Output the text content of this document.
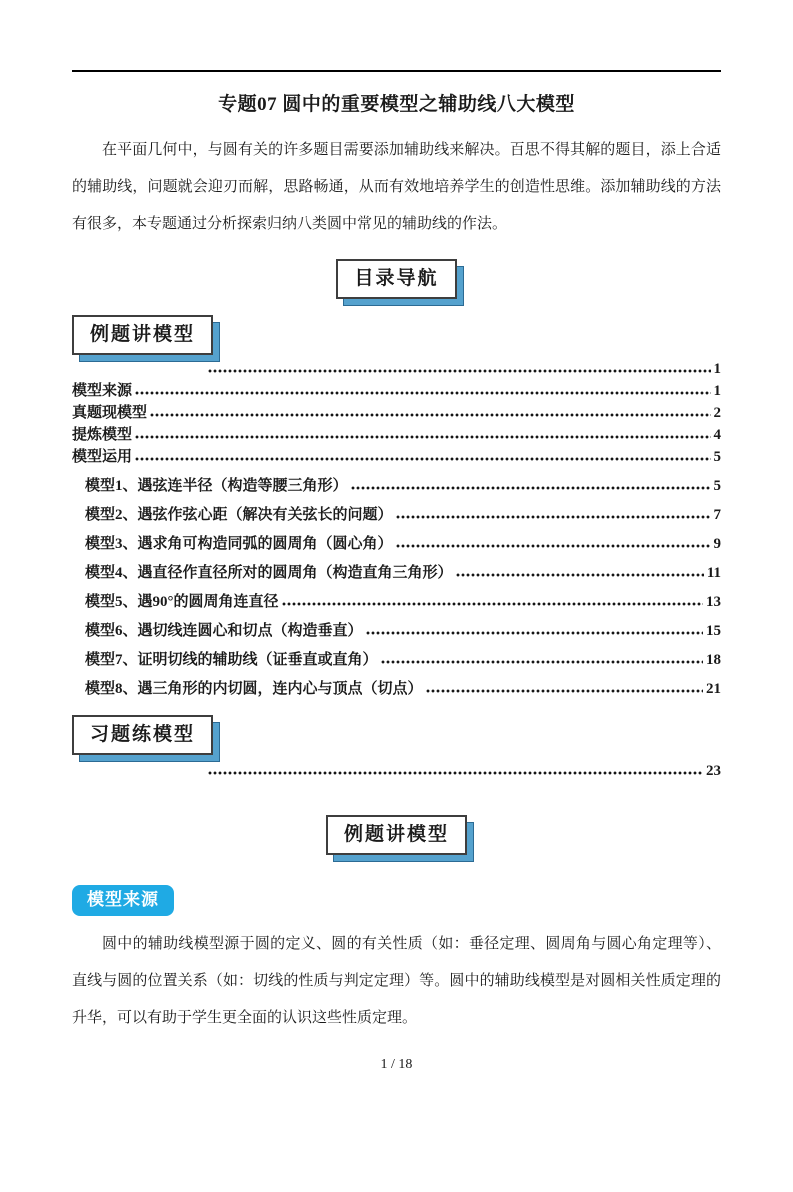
专题07 圆中的重要模型之辅助线八大模型
在平面几何中，与圆有关的许多题目需要添加辅助线来解决。百思不得其解的题目，添上合适的辅助线，问题就会迎刃而解，思路畅通，从而有效地培养学生的创造性思维。添加辅助线的方法有很多，本专题通过分析探索归纳八类圆中常见的辅助线的作法。
目录导航
例题讲模型
1
模型来源	1
真题现模型	2
提炼模型	4
模型运用	5
模型1、遇弦连半径（构造等腰三角形）	5
模型2、遇弦作弦心距（解决有关弦长的问题）	7
模型3、遇求角可构造同弧的圆周角（圆心角）	9
模型4、遇直径作直径所对的圆周角（构造直角三角形）	11
模型5、遇90°的圆周角连直径	13
模型6、遇切线连圆心和切点（构造垂直）	15
模型7、证明切线的辅助线（证垂直或直角）	18
模型8、遇三角形的内切圆，连内心与顶点（切点）	21
习题练模型
23
例题讲模型
模型来源
圆中的辅助线模型源于圆的定义、圆的有关性质（如：垂径定理、圆周角与圆心角定理等）、直线与圆的位置关系（如：切线的性质与判定定理）等。圆中的辅助线模型是对圆相关性质定理的升华，可以有助于学生更全面的认识这些性质定理。
1 / 18
